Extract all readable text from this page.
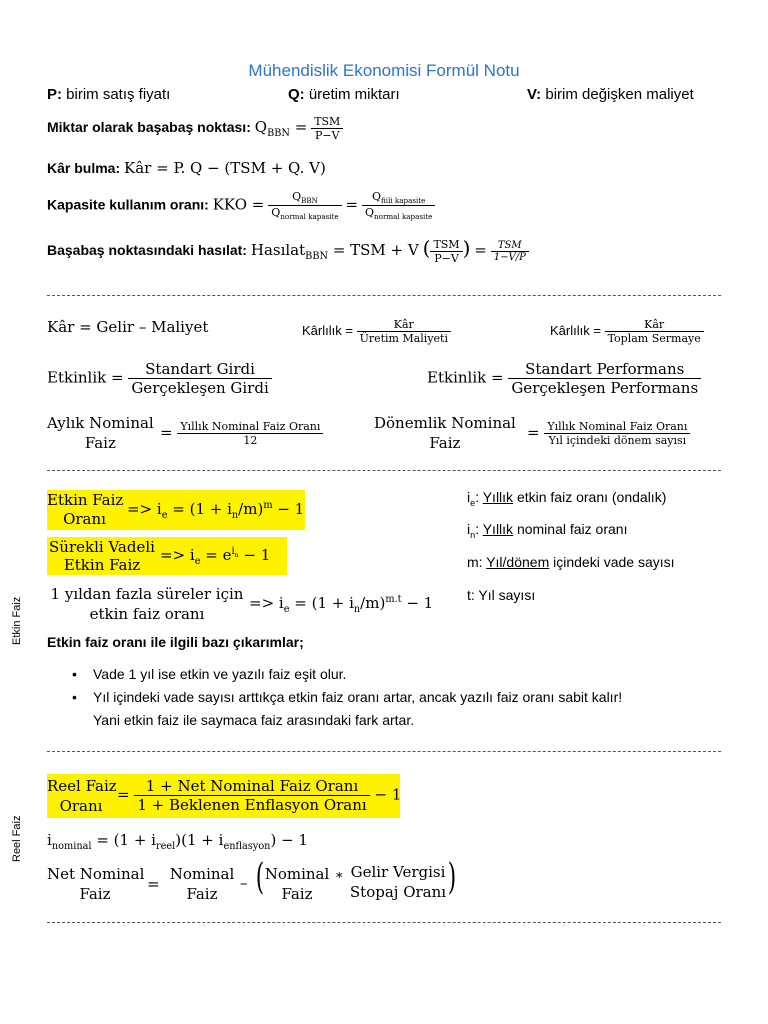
Mühendislik Ekonomisi Formül Notu
P: birim satış fiyatı	Q: üretim miktarı	V: birim değişken maliyet
Miktar olarak başabaş noktası: $Q_{BBN} = \frac{\text{TSM}}{P-V}$
Kâr bulma: Kâr = P. Q − (TSM + Q. V)
Kapasite kullanım oranı: KKO = $\frac{Q_{BBN}}{Q_{normal kapasite}} = \frac{Q_{fiili kapasite}}{Q_{normal kapasite}}$
Başabaş noktasındaki hasılat: Hasılat$_{BBN}$ = TSM + V ( $\frac{\text{TSM}}{P-V}$ ) = $\frac{\text{TSM}}{1-V/P}$
Kâr = Gelir – Maliyet	Kârlılık = $\frac{\text{Kâr}}{\text{Üretim Maliyeti}}$	Kârlılık = $\frac{\text{Kâr}}{\text{Toplam Sermaye}}$
Etkinlik = $\frac{\text{Standart Girdi}}{\text{Gerçekleşen Girdi}}$	Etkinlik = $\frac{\text{Standart Performans}}{\text{Gerçekleşen Performans}}$
Aylık Nominal
Faiz
= $\frac{\text{Yıllık Nominal Faiz Oranı}}{12}$	Dönemlik Nominal
Faiz
= $\frac{\text{Yıllık Nominal Faiz Oranı}}{\text{Yıl içindeki dönem sayısı}}$
Etkin Faiz
Etkin Faiz
Oranı
=> $i_e = (1 + i_n/m)^m - 1$
Sürekli Vadeli
Etkin Faiz
=> $i_e = e^{i_n} - 1$
1 yıldan fazla süreler için
etkin faiz oranı
=> $i_e = (1 + i_n/m)^{m.t} - 1$
$i_e$: Yıllık etkin faiz oranı (ondalık)
$i_n$: Yıllık nominal faiz oranı
m: Yıl/dönem içindeki vade sayısı
t: Yıl sayısı
Etkin faiz oranı ile ilgili bazı çıkarımlar;
• Vade 1 yıl ise etkin ve yazılı faiz eşit olur.
• Yıl içindeki vade sayısı arttıkça etkin faiz oranı artar, ancak yazılı faiz oranı sabit kalır!
Yani etkin faiz ile saymaca faiz arasındaki fark artar.
Reel Faiz
Reel Faiz
Oranı
= $\frac{\text{1 + Net Nominal Faiz Oranı}}{\text{1 + Beklenen Enflasyon Oranı}} - 1$
$i_{nominal} = (1 + i_{reel})(1 + i_{enflasyon}) - 1$
Net Nominal
Faiz
=
Nominal
Faiz
– ( Nominal
Faiz
* Gelir Vergisi
Stopaj Oranı )
